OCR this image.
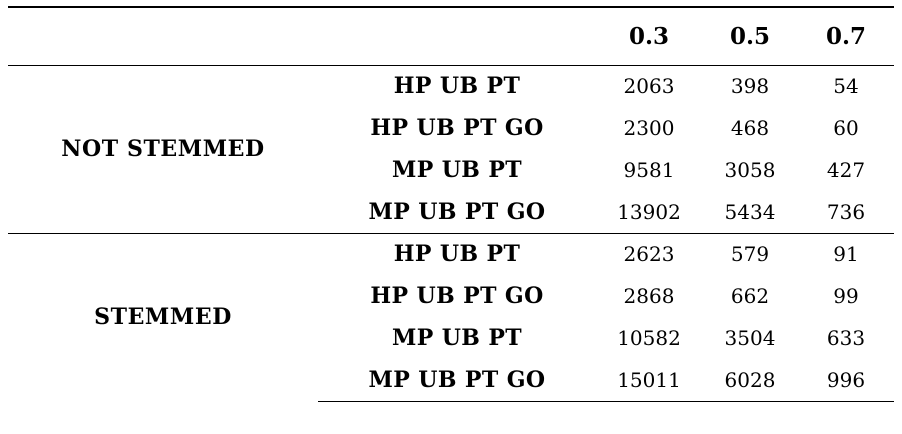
		0.3	0.5	0.7
NOT STEMMED	HP UB PT	2063	398	54
	HP UB PT GO	2300	468	60
	MP UB PT	9581	3058	427
	MP UB PT GO	13902	5434	736
STEMMED	HP UB PT	2623	579	91
	HP UB PT GO	2868	662	99
	MP UB PT	10582	3504	633
	MP UB PT GO	15011	6028	996
